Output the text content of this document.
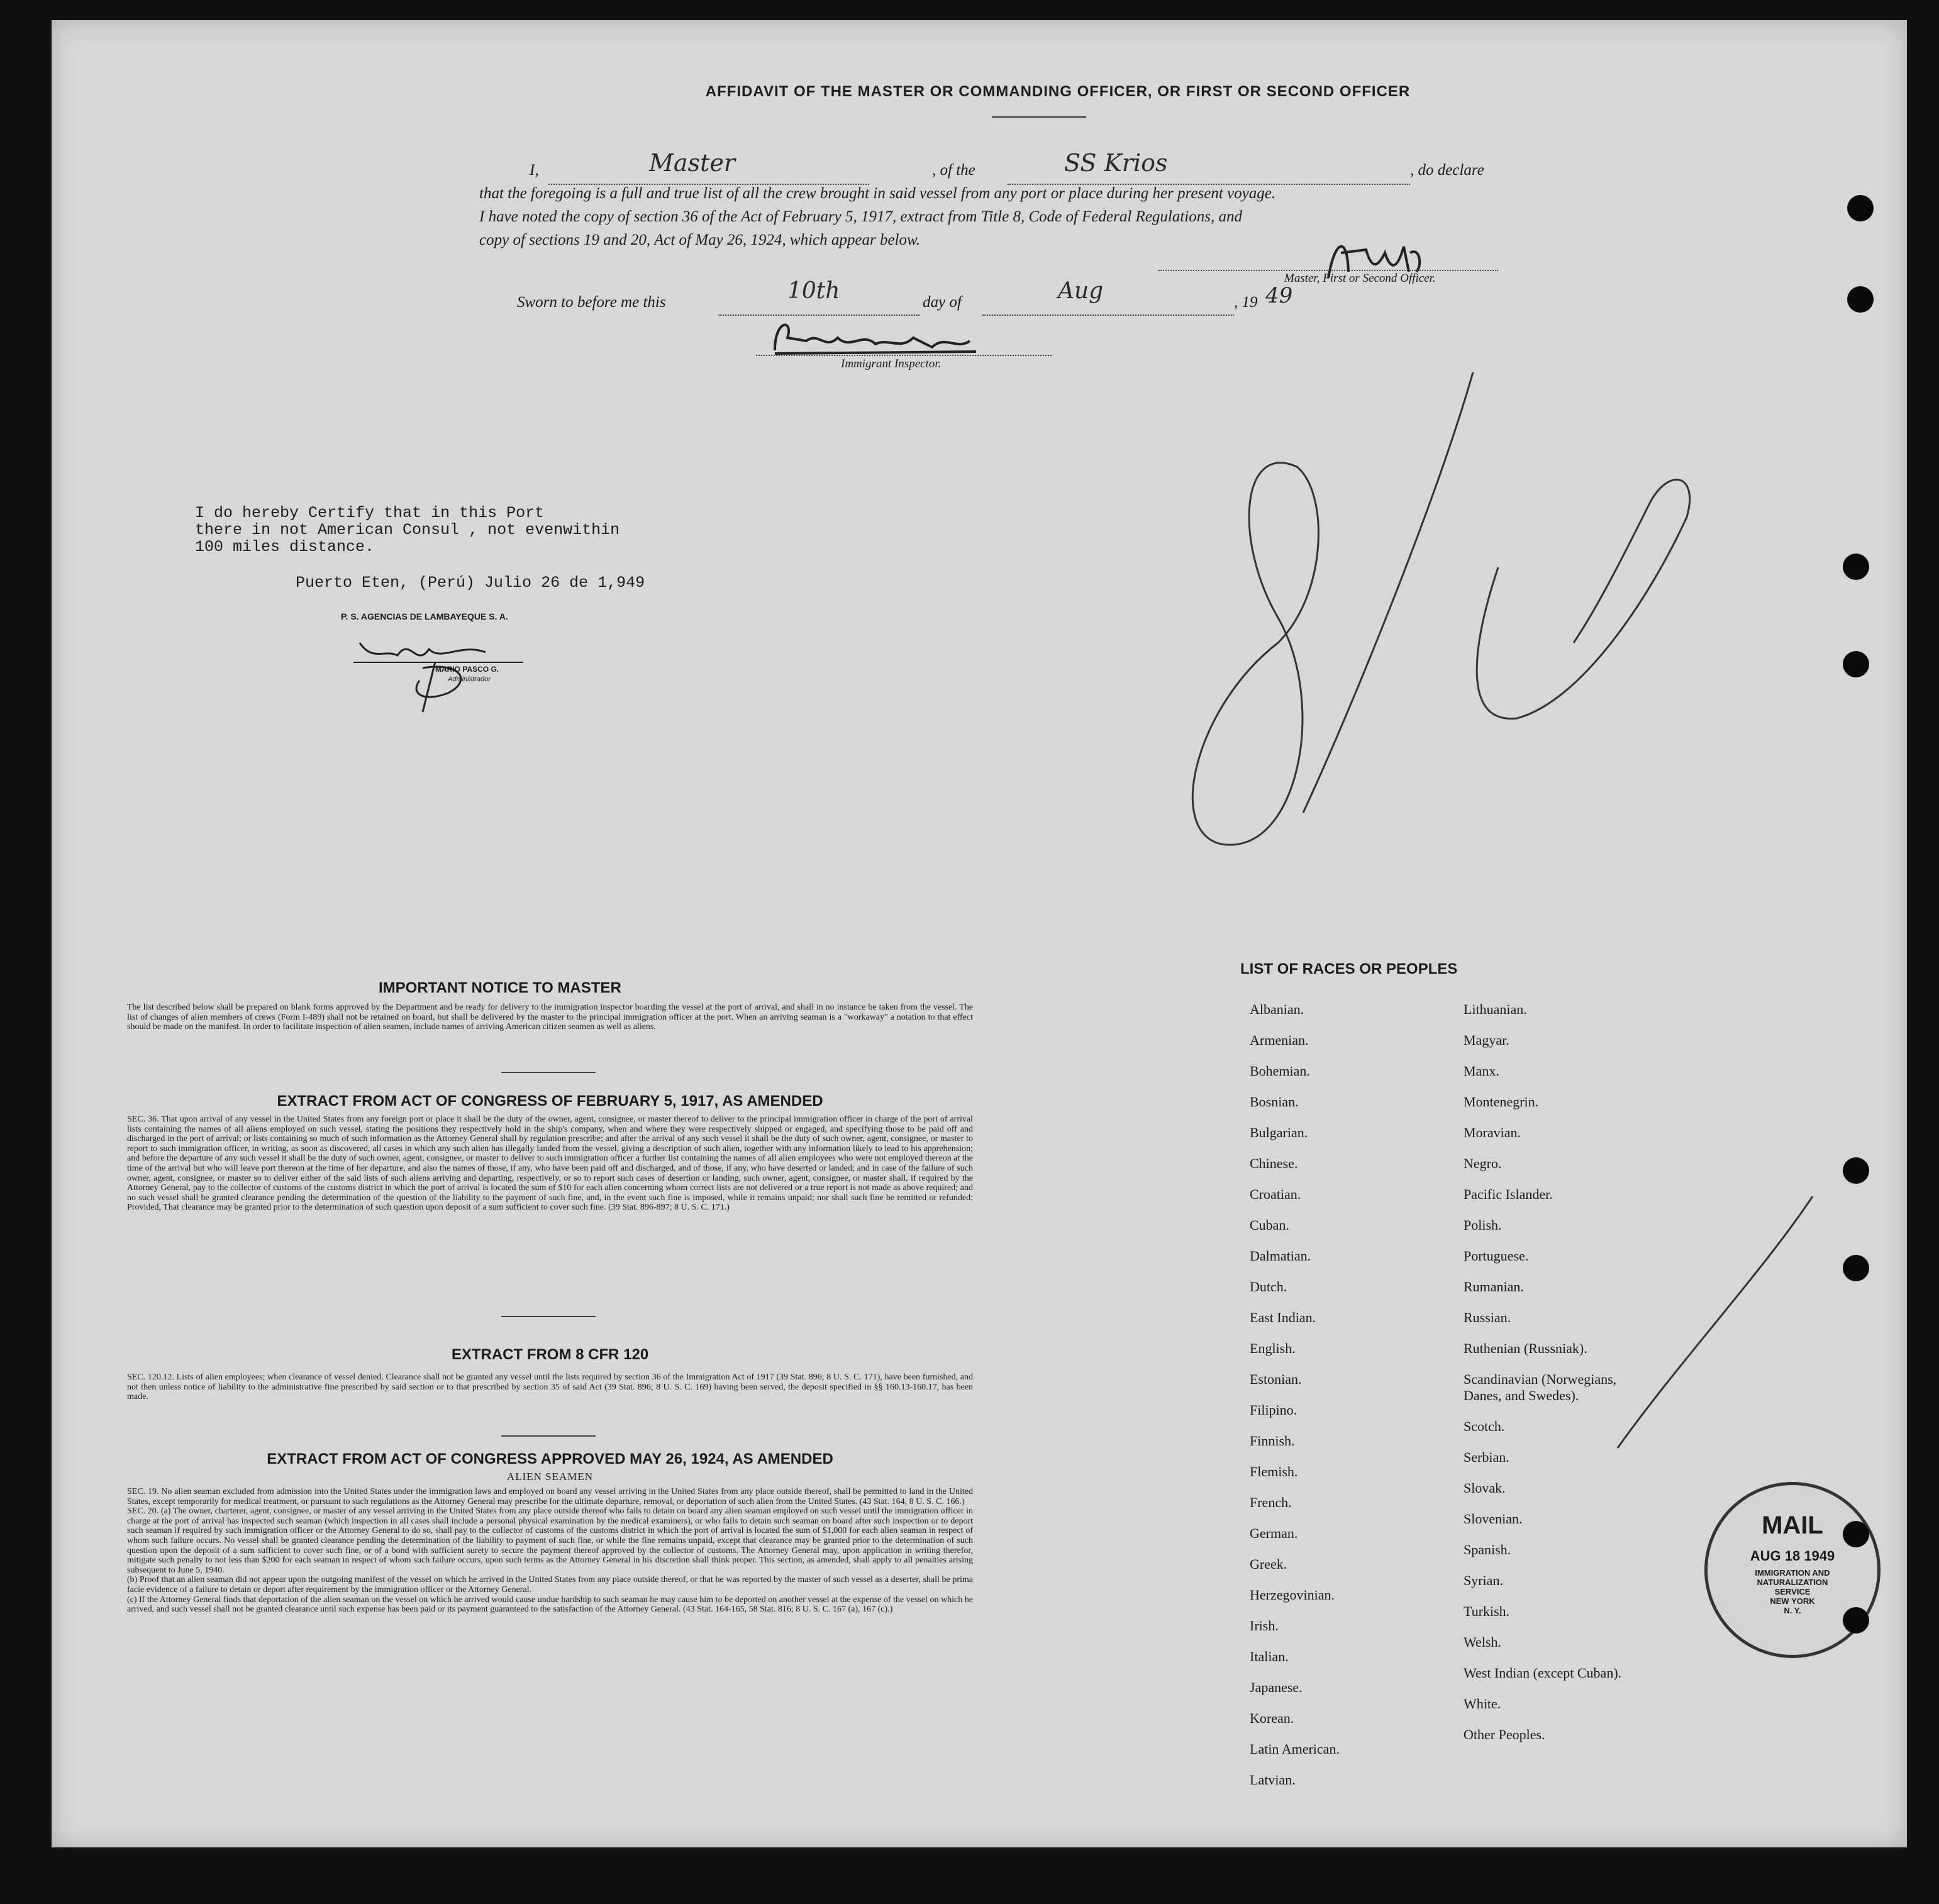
AFFIDAVIT OF THE MASTER OR COMMANDING OFFICER, OR FIRST OR SECOND OFFICER
I,	Master	, of the	SS Krios	, do declare
that the foregoing is a full and true list of all the crew brought in said vessel from any port or place during her present voyage.
I have noted the copy of section 36 of the Act of February 5, 1917, extract from Title 8, Code of Federal Regulations, and
copy of sections 19 and 20, Act of May 26, 1924, which appear below.
Master, First or Second Officer.
Sworn to before me this	10th	day of	Aug	, 19 49
Immigrant Inspector.
I do hereby Certify that in this Port
there in not American Consul , not evenwithin
100 miles distance.
Puerto Eten, (Perú) Julio 26 de 1,949
P. S. AGENCIAS DE LAMBAYEQUE S. A.
MARIO PASCO G.
Administrador
IMPORTANT NOTICE TO MASTER
The list described below shall be prepared on blank forms approved by the Department and be ready for delivery to the immigration inspector boarding the vessel at the port of arrival, and shall in no instance be taken from the vessel. The list of changes of alien members of crews (Form I-489) shall not be retained on board, but shall be delivered by the master to the principal immigration officer at the port. When an arriving seaman is a "workaway" a notation to that effect should be made on the manifest. In order to facilitate inspection of alien seamen, include names of arriving American citizen seamen as well as aliens.
EXTRACT FROM ACT OF CONGRESS OF FEBRUARY 5, 1917, AS AMENDED
SEC. 36. That upon arrival of any vessel in the United States from any foreign port or place it shall be the duty of the owner, agent, consignee, or master thereof to deliver to the principal immigration officer in charge of the port of arrival lists containing the names of all aliens employed on such vessel, stating the positions they respectively hold in the ship's company, when and where they were respectively shipped or engaged, and specifying those to be paid off and discharged in the port of arrival; or lists containing so much of such information as the Attorney General shall by regulation prescribe; and after the arrival of any such vessel it shall be the duty of such owner, agent, consignee, or master to report to such immigration officer, in writing, as soon as discovered, all cases in which any such alien has illegally landed from the vessel, giving a description of such alien, together with any information likely to lead to his apprehension; and before the departure of any such vessel it shall be the duty of such owner, agent, consignee, or master to deliver to such immigration officer a further list containing the names of all alien employees who were not employed thereon at the time of the arrival but who will leave port thereon at the time of her departure, and also the names of those, if any, who have been paid off and discharged, and of those, if any, who have deserted or landed; and in case of the failure of such owner, agent, consignee, or master so to deliver either of the said lists of such aliens arriving and departing, respectively, or so to report such cases of desertion or landing, such owner, agent, consignee, or master shall, if required by the Attorney General, pay to the collector of customs of the customs district in which the port of arrival is located the sum of $10 for each alien concerning whom correct lists are not delivered or a true report is not made as above required; and no such vessel shall be granted clearance pending the determination of the question of the liability to the payment of such fine, and, in the event such fine is imposed, while it remains unpaid; nor shall such fine be remitted or refunded: Provided, That clearance may be granted prior to the determination of such question upon deposit of a sum sufficient to cover such fine. (39 Stat. 896-897; 8 U. S. C. 171.)
EXTRACT FROM 8 CFR 120
SEC. 120.12. Lists of alien employees; when clearance of vessel denied. Clearance shall not be granted any vessel until the lists required by section 36 of the Immigration Act of 1917 (39 Stat. 896; 8 U. S. C. 171), have been furnished, and not then unless notice of liability to the administrative fine prescribed by said section or to that prescribed by section 35 of said Act (39 Stat. 896; 8 U. S. C. 169) having been served, the deposit specified in §§ 160.13-160.17, has been made.
EXTRACT FROM ACT OF CONGRESS APPROVED MAY 26, 1924, AS AMENDED
ALIEN SEAMEN
SEC. 19. No alien seaman excluded from admission into the United States under the immigration laws and employed on board any vessel arriving in the United States from any place outside thereof, shall be permitted to land in the United States, except temporarily for medical treatment, or pursuant to such regulations as the Attorney General may prescribe for the ultimate departure, removal, or deportation of such alien from the United States. (43 Stat. 164, 8 U. S. C. 166.)
SEC. 20. (a) The owner, charterer, agent, consignee, or master of any vessel arriving in the United States from any place outside thereof who fails to detain on board any alien seaman employed on such vessel until the immigration officer in charge at the port of arrival has inspected such seaman (which inspection in all cases shall include a personal physical examination by the medical examiners), or who fails to detain such seaman on board after such inspection or to deport such seaman if required by such immigration officer or the Attorney General to do so, shall pay to the collector of customs of the customs district in which the port of arrival is located the sum of $1,000 for each alien seaman in respect of whom such failure occurs. No vessel shall be granted clearance pending the determination of the liability to payment of such fine, or while the fine remains unpaid, except that clearance may be granted prior to the determination of such question upon the deposit of a sum sufficient to cover such fine, or of a bond with sufficient surety to secure the payment thereof approved by the collector of customs. The Attorney General may, upon application in writing therefor, mitigate such penalty to not less than $200 for each seaman in respect of whom such failure occurs, upon such terms as the Attorney General in his discretion shall think proper. This section, as amended, shall apply to all penalties arising subsequent to June 5, 1940.
(b) Proof that an alien seaman did not appear upon the outgoing manifest of the vessel on which he arrived in the United States from any place outside thereof, or that he was reported by the master of such vessel as a deserter, shall be prima facie evidence of a failure to detain or deport after requirement by the immigration officer or the Attorney General.
(c) If the Attorney General finds that deportation of the alien seaman on the vessel on which he arrived would cause undue hardship to such seaman he may cause him to be deported on another vessel at the expense of the vessel on which he arrived, and such vessel shall not be granted clearance until such expense has been paid or its payment guaranteed to the satisfaction of the Attorney General. (43 Stat. 164-165, 58 Stat. 816; 8 U. S. C. 167 (a), 167 (c).)
LIST OF RACES OR PEOPLES
Albanian.
Armenian.
Bohemian.
Bosnian.
Bulgarian.
Chinese.
Croatian.
Cuban.
Dalmatian.
Dutch.
East Indian.
English.
Estonian.
Filipino.
Finnish.
Flemish.
French.
German.
Greek.
Herzegovinian.
Irish.
Italian.
Japanese.
Korean.
Latin American.
Latvian.
Lithuanian.
Magyar.
Manx.
Montenegrin.
Moravian.
Negro.
Pacific Islander.
Polish.
Portuguese.
Rumanian.
Russian.
Ruthenian (Russniak).
Scandinavian (Norwegians,
Danes, and Swedes).
Scotch.
Serbian.
Slovak.
Slovenian.
Spanish.
Syrian.
Turkish.
Welsh.
West Indian (except Cuban).
White.
Other Peoples.
MAIL
AUG 18 1949
IMMIGRATION AND
NATURALIZATION
SERVICE
NEW YORK
N. Y.
